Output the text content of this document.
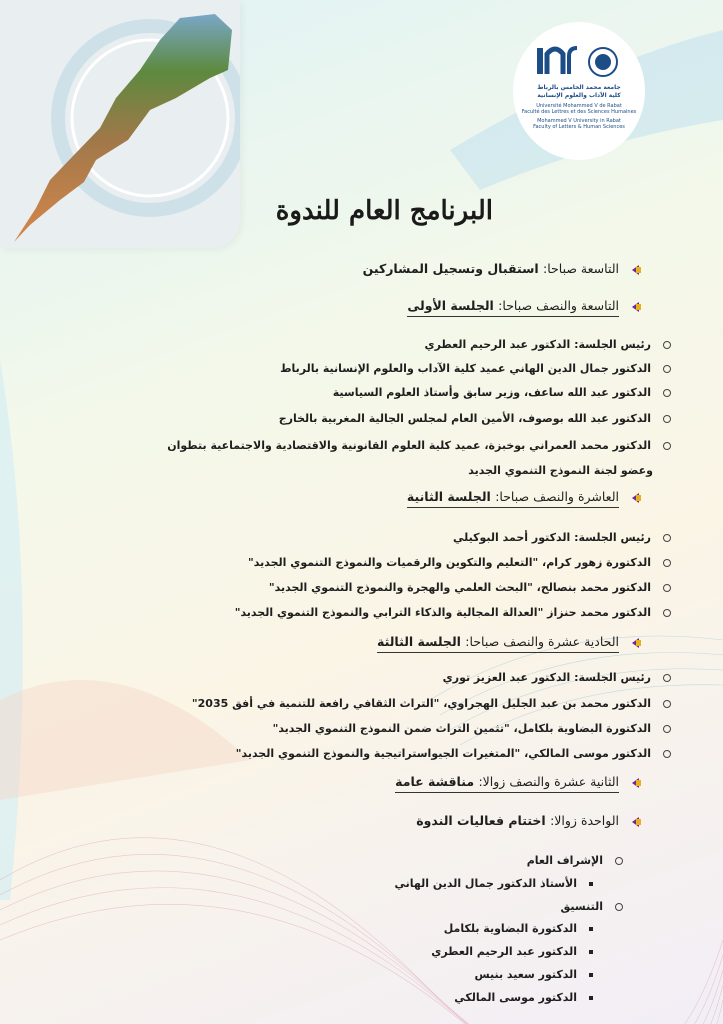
جامعة محمد الخامس بالرباط
كلية الآداب والعلوم الإنسانية
Université Mohammed V de Rabat
Faculté des Lettres et des Sciences Humaines
Mohammed V University in Rabat
Faculty of Letters & Human Sciences
البرنامج العام للندوة
التاسعة صباحا: استقبال وتسجيل المشاركين
التاسعة والنصف صباحا: الجلسة الأولى
رئيس الجلسة: الدكتور عبد الرحيم العطري
الدكتور جمال الدين الهاني عميد كلية الآداب والعلوم الإنسانية بالرباط
الدكتور عبد الله ساعف، وزير سابق وأستاذ العلوم السياسية
الدكتور عبد الله بوصوف، الأمين العام لمجلس الجالية المغربية بالخارج
الدكتور محمد العمراني بوخبزة، عميد كلية العلوم القانونية والاقتصادية والاجتماعية بتطوان
وعضو لجنة النموذج التنموي الجديد
العاشرة والنصف صباحا: الجلسة الثانية
رئيس الجلسة: الدكتور أحمد البوكيلي
الدكتورة زهور كرام، "التعليم والتكوين والرقميات والنموذج التنموي الجديد"
الدكتور محمد بنصالح، "البحث العلمي والهجرة والنموذج التنموي الجديد"
الدكتور محمد حنزاز "العدالة المجالية والذكاء الترابي والنموذج التنموي الجديد"
الحادية عشرة والنصف صباحا: الجلسة الثالثة
رئيس الجلسة: الدكتور عبد العزيز توري
الدكتور محمد بن عبد الجليل الهجراوي، "التراث الثقافي رافعة للتنمية في أفق 2035"
الدكتورة البضاوية بلكامل، "تثمين التراث ضمن النموذج التنموي الجديد"
الدكتور موسى المالكي، "المتغيرات الجيواستراتيجية والنموذج التنموي الجديد"
الثانية عشرة والنصف زوالا: مناقشة عامة
الواحدة زوالا: اختتام فعاليات الندوة
الإشراف العام
الأستاذ الدكتور جمال الدين الهاني
التنسيق
الدكتورة البضاوية بلكامل
الدكتور عبد الرحيم العطري
الدكتور سعيد بنيس
الدكتور موسى المالكي
